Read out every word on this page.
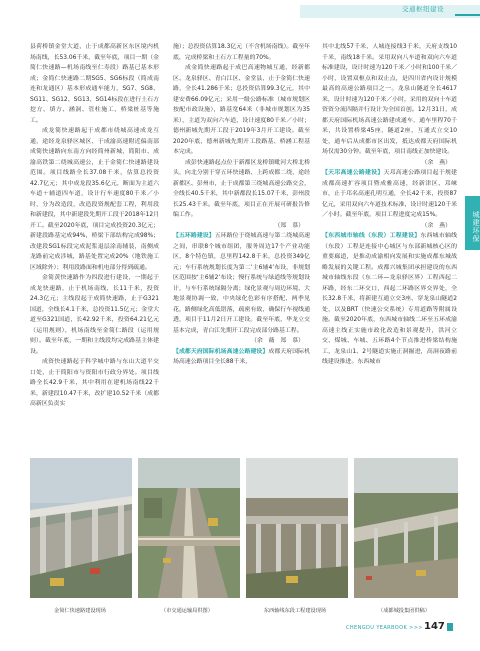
交通枢纽建设

县荷桥镇金堂大道，止于成都高新区东区境内机场南线，长53.06千米，截至年底，项目一期（金简仁快速路—机场南线至仁寿段）路基已基本形成；金简仁快速路二期SG5、SG6标段（简成南连和龙通区）基本形成通车能力，SG7、SG8、SG11、SG12、SG13、SG14标段在进行土石方挖方、填方、涵洞、管柱施工，桥梁桩基等施工。

成龙简快速路起于成都市绕城高速成龙互通，途经龙泉驿区城区、于成渝高速附近偏南部成简快速路向东南方向经简州新城，简阳市、成渝高铁第二绕城高速公，止于金简仁快速路建设范围。项目线路全长37.08千米，估算总投资42.7亿元；其中成龙段35.6亿元，断面为主道六车道＋辅道四车道，设计行车速度80千米／小时，分为改造段，改造段资规配套工程，利用段和新建段，其中新建段先期开工段于2018年12月开工。截至2020年底，项目完成投资20.3亿元；新建段路基完成94%，桥梁下部结构完成98%；改建段SG1标段完成泥浆退层涂南辅装，南侧成龙路前完成涉城，路基处置完成20%（地铁施工区域除外）；利用段路面和机电部分得到疏通。

金简黄快速路作为四段进行建设，一期起于成龙快速路，止于机场南线，长11千米，投资24.3亿元；主线段起于成简快速路，止于G321国道，全线长4.1千米，总投资11.5亿元；金堂大道至G321国道，长42.92千米，投资64.21亿元（运用规则），机场南线至金简仁路段（运用规则）。截至年底，一期和主线段均完成路基主体建设。

成资快速路起于科学城中路与东山大道平交口处，止于简阳市与资阳市行政分界处。项目线路全长42.9千米，其中利用在建机场南线22千米，新建段10.47千米，改扩建10.52千米（成都高新区负责实

施）；总投资估算18.3亿元（不含机场南线）。截至年底，完成桥梁和土石方工程量的70%。

成金简快速路起于成巴高速物城互通，经新都区、龙泉驿区、青白江区、金堂县，止于金简仁快速路，全长41.286千米；总投资估算99.3亿元，其中建安费66.09亿元；采用一级公路标准（城市规划区按配市政设施），路基宽64米（非城市规划区为35米），主道为双向六车道，设计速度80千米／小时；德州新城先期开工段于2019年3月开工建设。截至2020年底，德州新城先期开工段路基、桥涵工程基本完成。

成彭快速路起点位于新都区龙桥镇毗河大桥北桥头，向北分别于穿五环快速路、上跨成都二绕，途经新都区、彭州市，止于成都第三绕城高速公路交会，全线长40.5千米，其中新都段长15.07千米，彭州段长25.43千米。截至年底，项目正在开展可研报告修编工作。

（郑　慕）

【五环路建设】五环路位于绕城高速与第二绕城高速之间，串联8个城市组团，服务周边17个产业功能区，8个特色镇，总里程142.8千米，总投资349亿元；车行系统规划长度为第二‘主6辅4’布设，非规划区范围按‘主6辅2’布设；慢行系统与绿道线等规划设计，与车行系统绿隔分离；绿化景观与周边环境、大地景观协调一致，中央绿化色彩有序搭配，两季见花，路侧绿化高低错落，疏密有致，确保行车视线通透，项目于11月2日开工建设。截至年底，华龙立交基本完成，青白江先期开工段完成部分路基工程。

（余　薇　郑　慕）

【成都天府国际机场高速公路建设】成都天府国际机场高速公路项目全长88千米，

其中北线57千米，人城连接线3千米，天府支线10千米，南线18千米。采用双向八车道和双向六车道标准建设，设计时速为120千米／小时和100千米／小时，设置双枢点和双止点，是四川省内设计规模最高的高速公路项目之一。龙泉山隧道全长4617米，设计时速为120千米／小时，采用的双向十车道资资分流四隔并行设计为全国首创。12月31日，成都天府国际机场高速公路建成通车，通车里程70千米，共设置桥梁45座，隧道2座，互通式立交10处，通车后从成都市区出发，抵达成都天府国际机场仅需30分钟。截至年底，项目南线正加快建设。

（余　燕）

【天邛高速公路建设】天邛高速公路项目起于规建成都高速扩容项目暨成雅高速，经新津区、邛崃市，止于邛名高速孔明互通，全长42千米，投资87亿元，采用双向六车道技术标准，设计时速120千米／小时。截至年底，项目工程进度完成15%。

（余　燕）

【东西城市轴线（东段）工程建设】东西城市轴线（东段）工程是连接中心城区与东部新城核心区的重要廊道，是推动成渝相向发展和实施成都东城战略发展的关键工程。成都兴城集团承担建设的东西城市轴线东段（东二环—龙泉驿区界）工程西起二环路，经东二环交口，西起二环路区界交界处，全长32.8千米，将新建互通立交3座、穿龙泉山隧道2处，以及BRT（快速公交系统）专用道路等附属设施。截至2020年底，东西城市轴线二环至五环成渝高速主线正实施市政化改造和景观提升，洪河立交、煤城、车城、五环路4个节点推进桥梁结构施工，龙泉山1、2号隧道实施正洞掘进，高洞夜路前线建设推进。东西城市

城建环保
金简仁快速路建设现场	（市交通运输局供图）	东西轴线东段工程建设现场	（成都城投集团供稿）
CHENGDU YEARBOOK >>> 147
